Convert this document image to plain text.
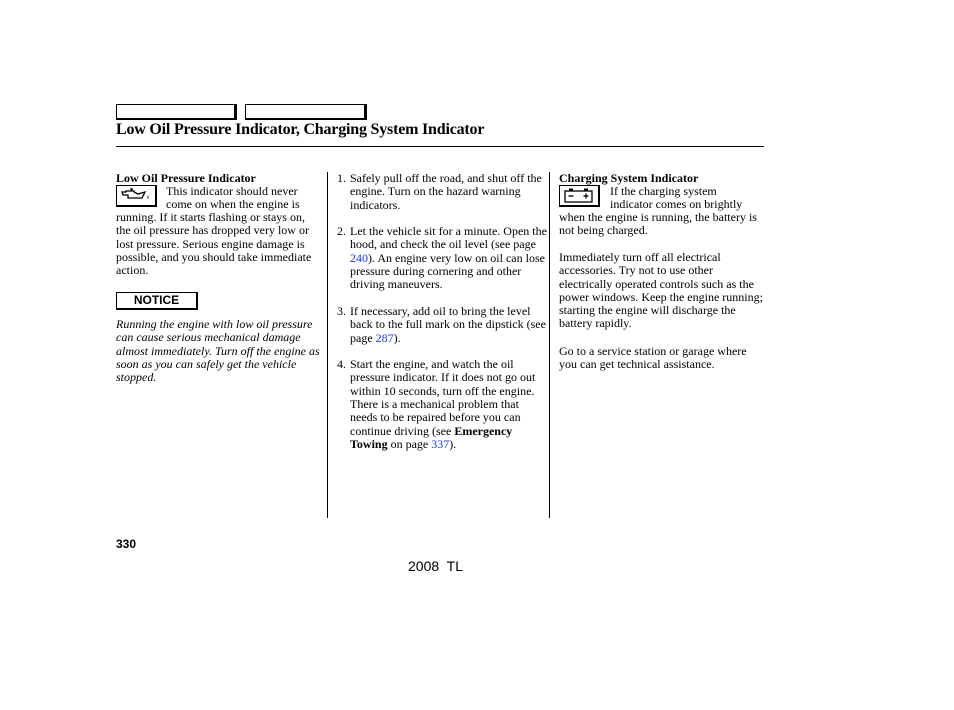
Low Oil Pressure Indicator, Charging System Indicator
Low Oil Pressure Indicator
This indicator should never
come on when the engine is
running. If it starts flashing or stays on, the oil pressure has dropped very low or lost pressure. Serious engine damage is possible, and you should take immediate action.
NOTICE
Running the engine with low oil pressure can cause serious mechanical damage almost immediately. Turn off the engine as soon as you can safely get the vehicle stopped.
1. Safely pull off the road, and shut off the engine. Turn on the hazard warning indicators.
2. Let the vehicle sit for a minute. Open the hood, and check the oil level (see page 240). An engine very low on oil can lose pressure during cornering and other driving maneuvers.
3. If necessary, add oil to bring the level back to the full mark on the dipstick (see page 287).
4. Start the engine, and watch the oil pressure indicator. If it does not go out within 10 seconds, turn off the engine. There is a mechanical problem that needs to be repaired before you can continue driving (see Emergency Towing on page 337).
Charging System Indicator
If the charging system
indicator comes on brightly
when the engine is running, the battery is not being charged.
Immediately turn off all electrical accessories. Try not to use other electrically operated controls such as the power windows. Keep the engine running; starting the engine will discharge the battery rapidly.
Go to a service station or garage where you can get technical assistance.
330
2008  TL
